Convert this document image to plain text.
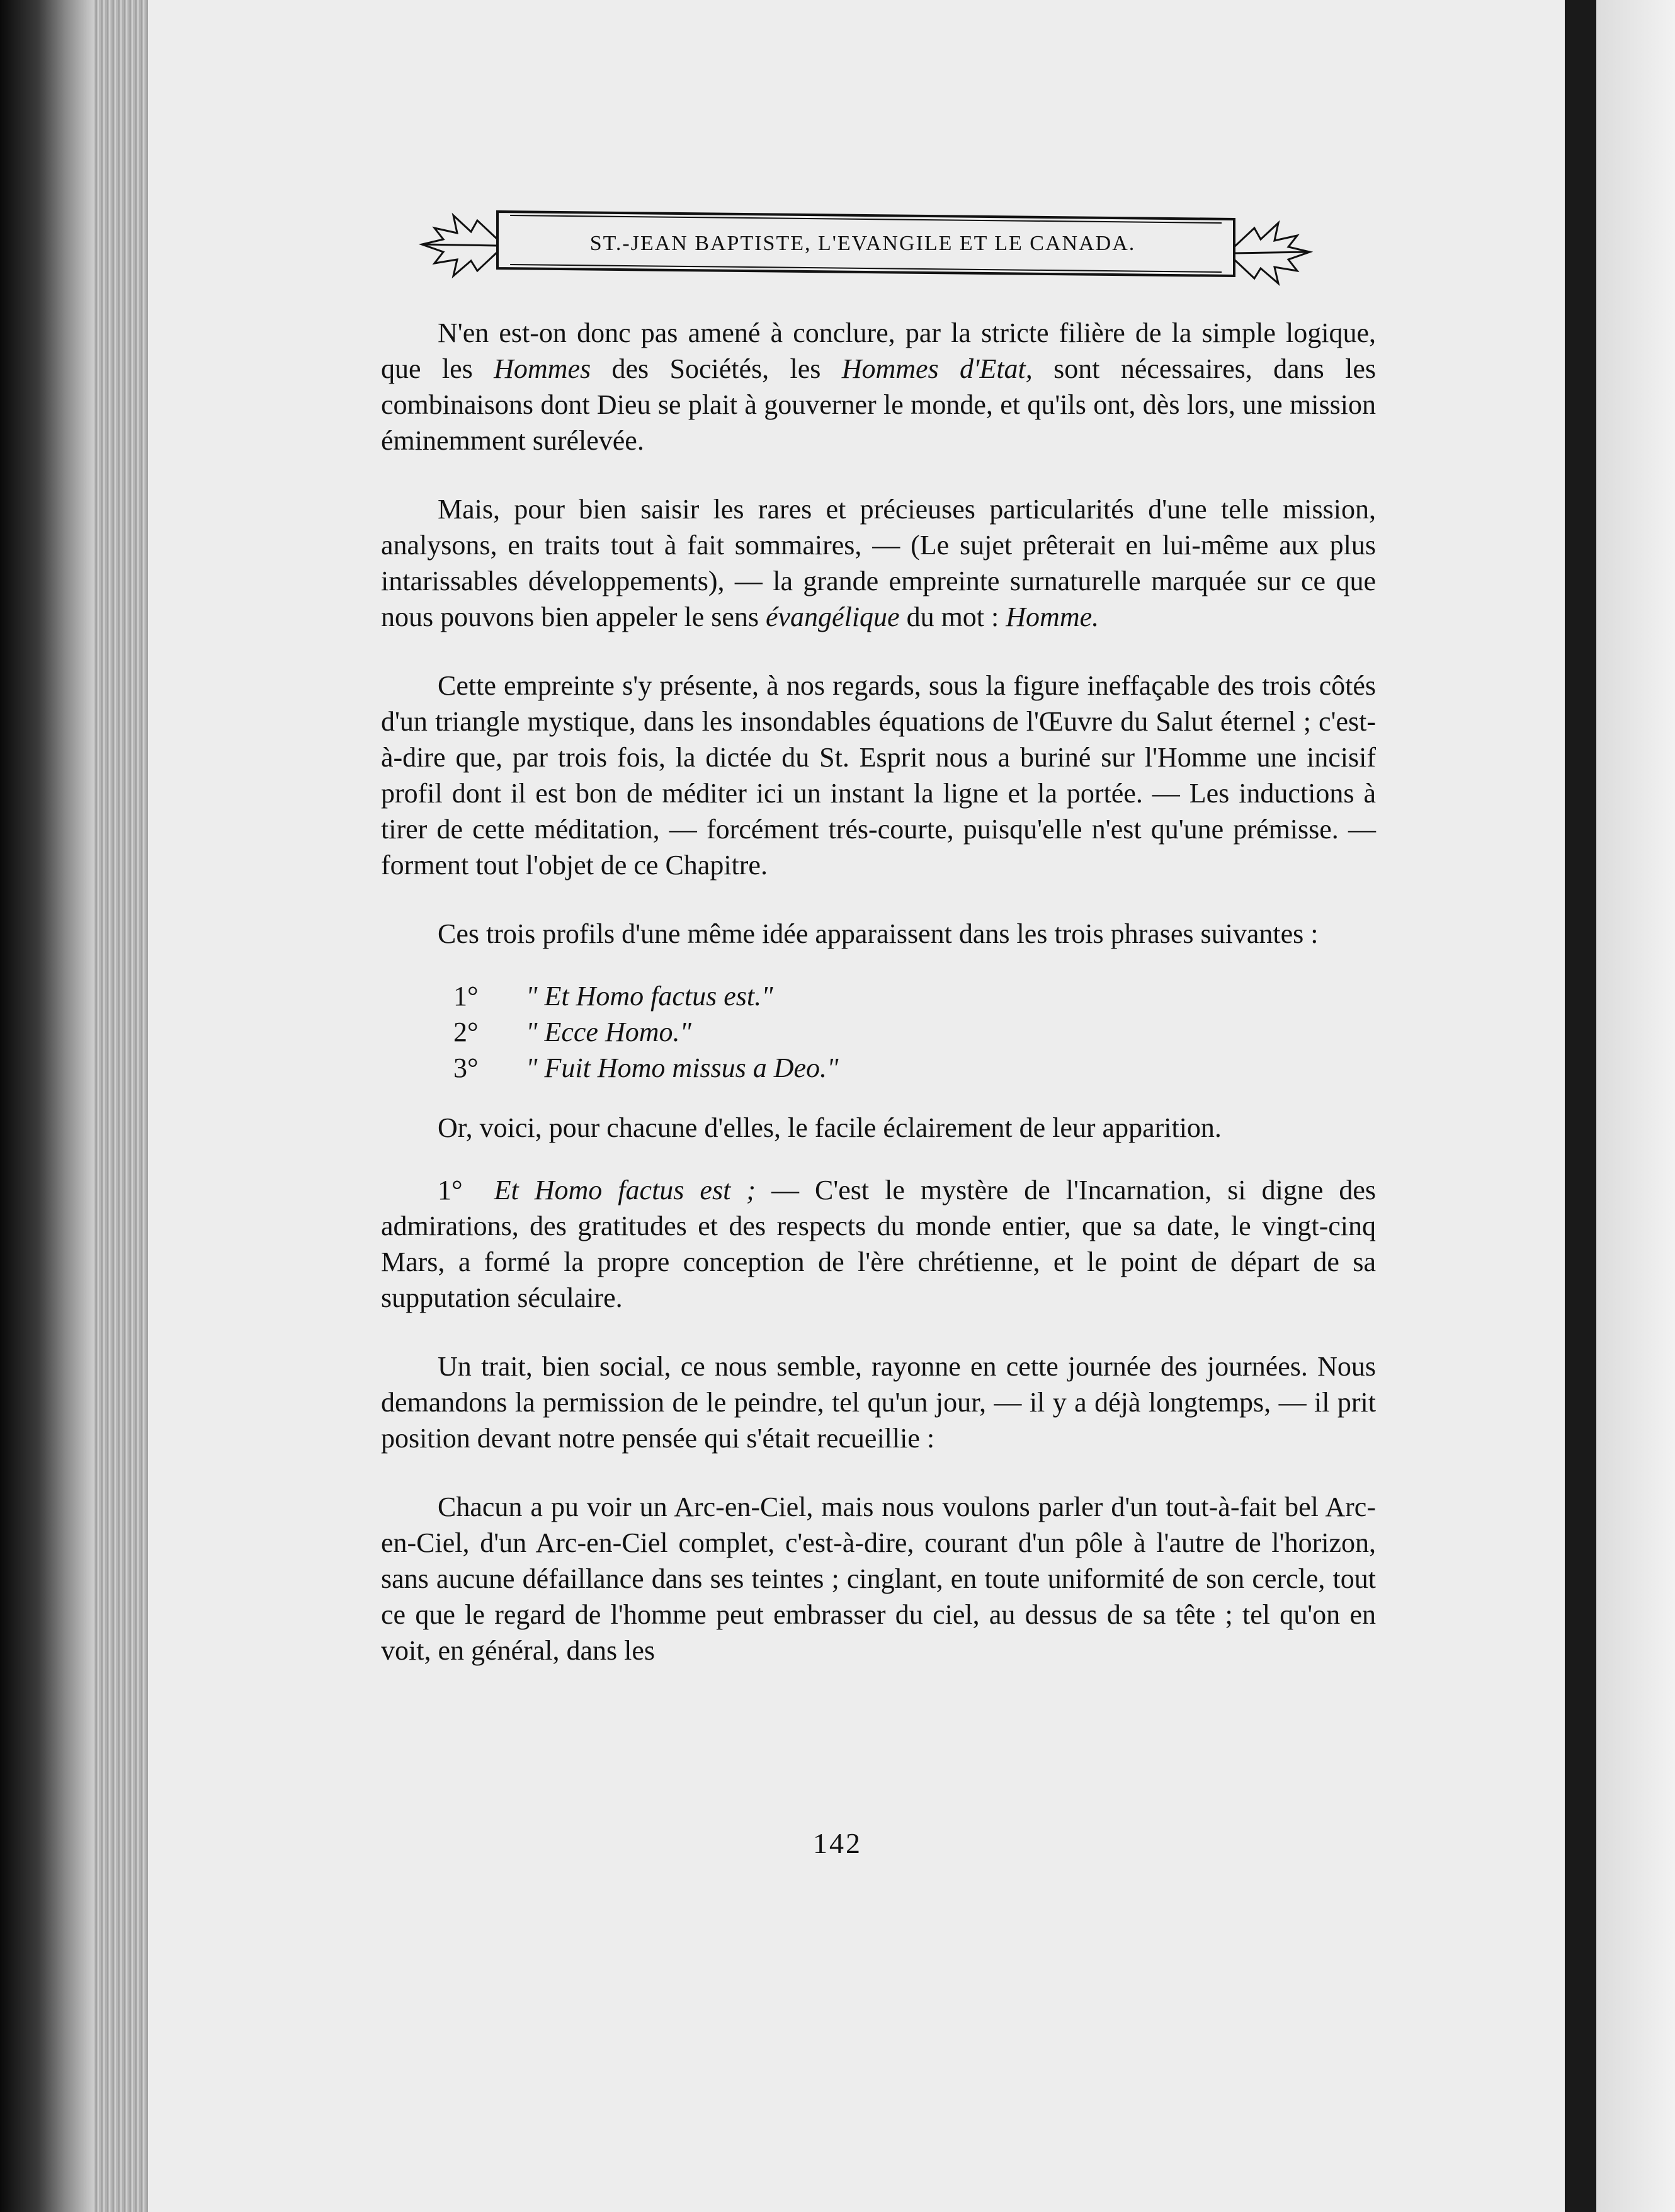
ST.-JEAN BAPTISTE, L'EVANGILE ET LE CANADA.

N'en est-on donc pas amené à conclure, par la stricte filière de la simple logique, que les Hommes des Sociétés, les Hommes d'Etat, sont nécessaires, dans les combinaisons dont Dieu se plait à gouverner le monde, et qu'ils ont, dès lors, une mission éminemment surélevée.

Mais, pour bien saisir les rares et précieuses particularités d'une telle mission, analysons, en traits tout à fait sommaires, — (Le sujet prêterait en lui-même aux plus intarissables développements), — la grande empreinte surnaturelle marquée sur ce que nous pouvons bien appeler le sens évangélique du mot : Homme.

Cette empreinte s'y présente, à nos regards, sous la figure ineffaçable des trois côtés d'un triangle mystique, dans les insondables équations de l'Œuvre du Salut éternel ; c'est-à-dire que, par trois fois, la dictée du St. Esprit nous a buriné sur l'Homme une incisif profil dont il est bon de méditer ici un instant la ligne et la portée. — Les inductions à tirer de cette méditation, — forcément trés-courte, puisqu'elle n'est qu'une prémisse. —forment tout l'objet de ce Chapitre.

Ces trois profils d'une même idée apparaissent dans les trois phrases suivantes :

1° " Et Homo factus est."
2° " Ecce Homo."
3° " Fuit Homo missus a Deo."

Or, voici, pour chacune d'elles, le facile éclairement de leur apparition.

1° Et Homo factus est ; — C'est le mystère de l'Incarnation, si digne des admirations, des gratitudes et des respects du monde entier, que sa date, le vingt-cinq Mars, a formé la propre conception de l'ère chrétienne, et le point de départ de sa supputation séculaire.

Un trait, bien social, ce nous semble, rayonne en cette journée des journées. Nous demandons la permission de le peindre, tel qu'un jour, — il y a déjà longtemps, — il prit position devant notre pensée qui s'était recueillie :

Chacun a pu voir un Arc-en-Ciel, mais nous voulons parler d'un tout-à-fait bel Arc-en-Ciel, d'un Arc-en-Ciel complet, c'est-à-dire, courant d'un pôle à l'autre de l'horizon, sans aucune défaillance dans ses teintes ; cinglant, en toute uniformité de son cercle, tout ce que le regard de l'homme peut embrasser du ciel, au dessus de sa tête ; tel qu'on en voit, en général, dans les

142
